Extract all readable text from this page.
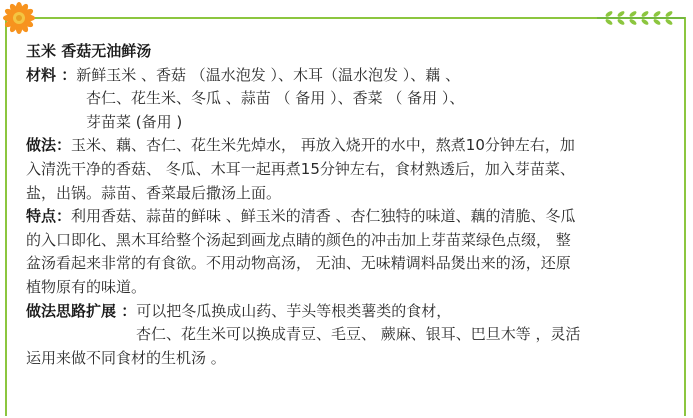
玉米 香菇无油鲜汤
材料 ：新鲜玉米 、香菇 （温水泡发 ）、木耳（温水泡发 ）、藕 、
杏仁、花生米、冬瓜 、蒜苗 （ 备用 ）、香菜 （ 备用 ）、
芽苗菜 (备用 )
做法：玉米、藕、杏仁、花生米先焯水， 再放入烧开的水中，熬煮10分钟左右，加
入清洗干净的香菇、 冬瓜、木耳一起再煮15分钟左右，食材熟透后，加入芽苗菜、
盐，出锅。蒜苗、香菜最后撒汤上面。
特点：利用香菇、蒜苗的鲜味 、鲜玉米的清香 、杏仁独特的味道、藕的清脆、冬瓜
的入口即化、黑木耳给整个汤起到画龙点睛的颜色的冲击加上芽苗菜绿色点缀， 整
盆汤看起来非常的有食欲。不用动物高汤， 无油、无味精调料品煲出来的汤，还原
植物原有的味道。
做法思路扩展 ：可以把冬瓜换成山药、芋头等根类薯类的食材，
杏仁、花生米可以换成青豆、毛豆、 蕨麻、银耳、巴旦木等 ，灵活
运用来做不同食材的生机汤 。
